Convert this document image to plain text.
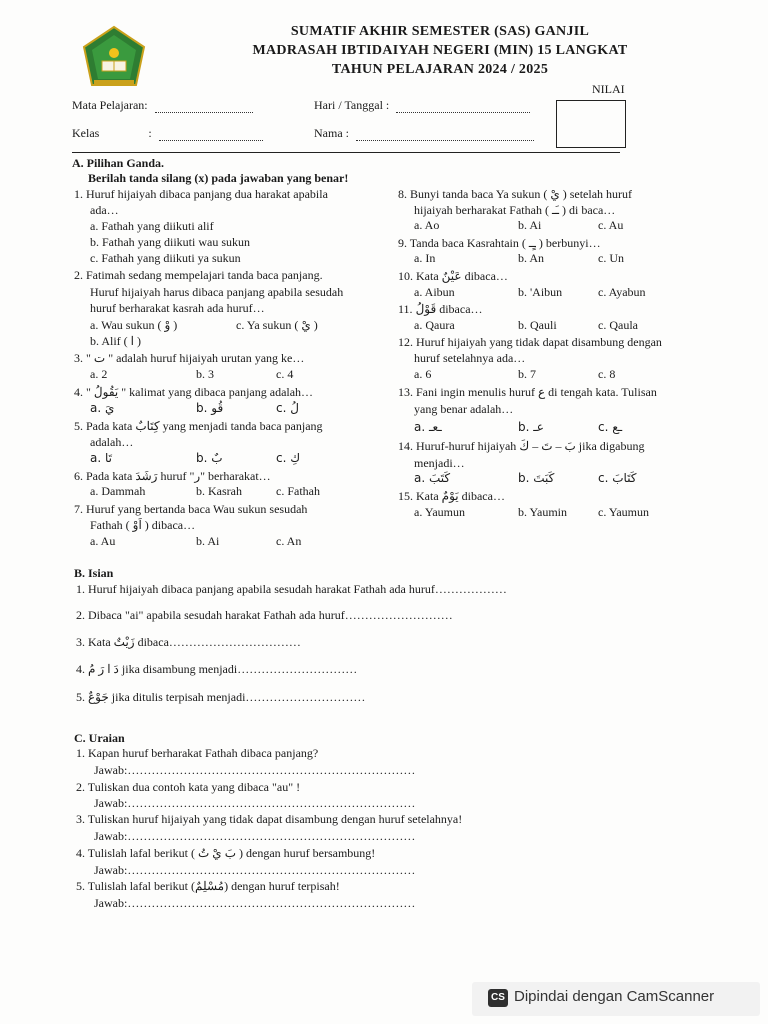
SUMATIF AKHIR SEMESTER (SAS) GANJIL
MADRASAH IBTIDAIYAH NEGERI (MIN) 15 LANGKAT
TAHUN PELAJARAN 2024 / 2025
NILAI
Mata Pelajaran:	Hari / Tanggal :
Kelas	:	Nama :
A. Pilihan Ganda.
Berilah tanda silang (x) pada jawaban yang benar!
1. Huruf hijaiyah dibaca panjang dua harakat apabila
ada…
a. Fathah yang diikuti alif
b. Fathah yang diikuti wau sukun
c. Fathah yang diikuti ya sukun
2. Fatimah sedang mempelajari tanda baca panjang.
Huruf hijaiyah harus dibaca panjang apabila sesudah
huruf berharakat kasrah ada huruf…
a. Wau sukun ( وْ )	c. Ya sukun ( يْ )
b. Alif ( ا )
3. " ت " adalah huruf hijaiyah urutan yang ke…
a. 2	b. 3	c. 4
4. " يَقُولُ " kalimat yang dibaca panjang adalah…
a. يَ	b. قُو	c. لُ
5. Pada kata كِتَابٌ yang menjadi tanda baca panjang
adalah…
a. تَا	b. بٌ	c. كِ
6. Pada kata رَشَدَ huruf "ر" berharakat…
a. Dammah	b. Kasrah	c. Fathah
7. Huruf yang bertanda baca Wau sukun sesudah
Fathah ( اَوْ ) dibaca…
a. Au	b. Ai	c. An
8. Bunyi tanda baca Ya sukun ( يْ ) setelah huruf
hijaiyah berharakat Fathah ( ـَـ ) di baca…
a. Ao	b. Ai	c. Au
9. Tanda baca Kasrahtain ( ـٍـ ) berbunyi…
a. In	b. An	c. Un
10. Kata عَيْنٌ dibaca…
a. Aibun	b. 'Aibun	c. Ayabun
11. قَوْلُ dibaca…
a. Qaura	b. Qauli	c. Qaula
12. Huruf hijaiyah yang tidak dapat disambung dengan
huruf setelahnya ada…
a. 6	b. 7	c. 8
13. Fani ingin menulis huruf ع di tengah kata. Tulisan
yang benar adalah…
a. ـعـ	b. عـ	c. ـع
14. Huruf-huruf hijaiyah بَ – تَ – كَ jika digabung
menjadi…
a. كَتَبَ	b. كَبَتَ	c. كَتَابَ
15. Kata يَوْمٌ dibaca…
a. Yaumun	b. Yaumin	c. Yaumun
B. Isian
1. Huruf hijaiyah dibaca panjang apabila sesudah harakat Fathah ada huruf………………
2. Dibaca "ai" apabila sesudah harakat Fathah ada huruf………………………
3. Kata زَيْتٌ dibaca……………………………
4. دَ ا رَ مُ jika disambung menjadi…………………………
5. جَوْعٌ jika ditulis terpisah menjadi…………………………
C. Uraian
1. Kapan huruf berharakat Fathah dibaca panjang?
Jawab:………………………………………………………………
2. Tuliskan dua contoh kata yang dibaca "au" !
Jawab:………………………………………………………………
3. Tuliskan huruf hijaiyah yang tidak dapat disambung dengan huruf setelahnya!
Jawab:………………………………………………………………
4. Tulislah lafal berikut ( بَ يْ تُ ) dengan huruf bersambung!
Jawab:………………………………………………………………
5. Tulislah lafal berikut (مُسْلِمٌ) dengan huruf terpisah!
Jawab:………………………………………………………………
CS Dipindai dengan CamScanner
